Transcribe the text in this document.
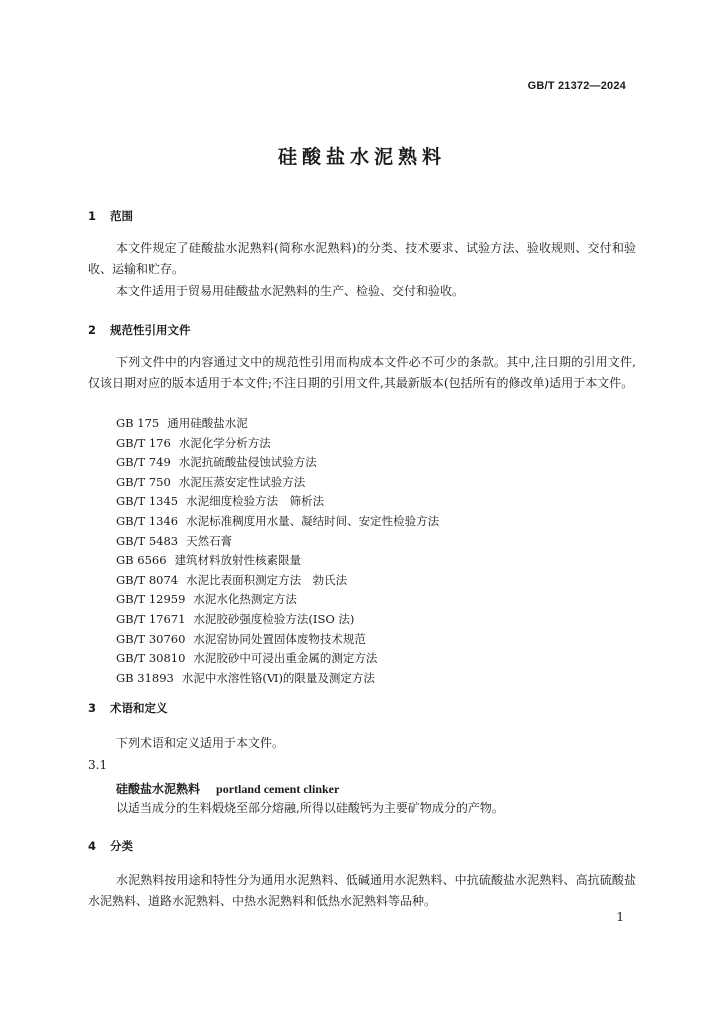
GB/T 21372—2024
硅酸盐水泥熟料
1 范围

本文件规定了硅酸盐水泥熟料(简称水泥熟料)的分类、技术要求、试验方法、验收规则、交付和验收、运输和贮存。

本文件适用于贸易用硅酸盐水泥熟料的生产、检验、交付和验收。

2 规范性引用文件

下列文件中的内容通过文中的规范性引用而构成本文件必不可少的条款。其中,注日期的引用文件,仅该日期对应的版本适用于本文件;不注日期的引用文件,其最新版本(包括所有的修改单)适用于本文件。

GB 175 通用硅酸盐水泥
GB/T 176 水泥化学分析方法
GB/T 749 水泥抗硫酸盐侵蚀试验方法
GB/T 750 水泥压蒸安定性试验方法
GB/T 1345 水泥细度检验方法　筛析法
GB/T 1346 水泥标准稠度用水量、凝结时间、安定性检验方法
GB/T 5483 天然石膏
GB 6566 建筑材料放射性核素限量
GB/T 8074 水泥比表面积测定方法　勃氏法
GB/T 12959 水泥水化热测定方法
GB/T 17671 水泥胶砂强度检验方法(ISO 法)
GB/T 30760 水泥窑协同处置固体废物技术规范
GB/T 30810 水泥胶砂中可浸出重金属的测定方法
GB 31893 水泥中水溶性铬(Ⅵ)的限量及测定方法
3 术语和定义

下列术语和定义适用于本文件。

3.1
硅酸盐水泥熟料 portland cement clinker
以适当成分的生料煅烧至部分熔融,所得以硅酸钙为主要矿物成分的产物。
4 分类

水泥熟料按用途和特性分为通用水泥熟料、低碱通用水泥熟料、中抗硫酸盐水泥熟料、高抗硫酸盐水泥熟料、道路水泥熟料、中热水泥熟料和低热水泥熟料等品种。

1
